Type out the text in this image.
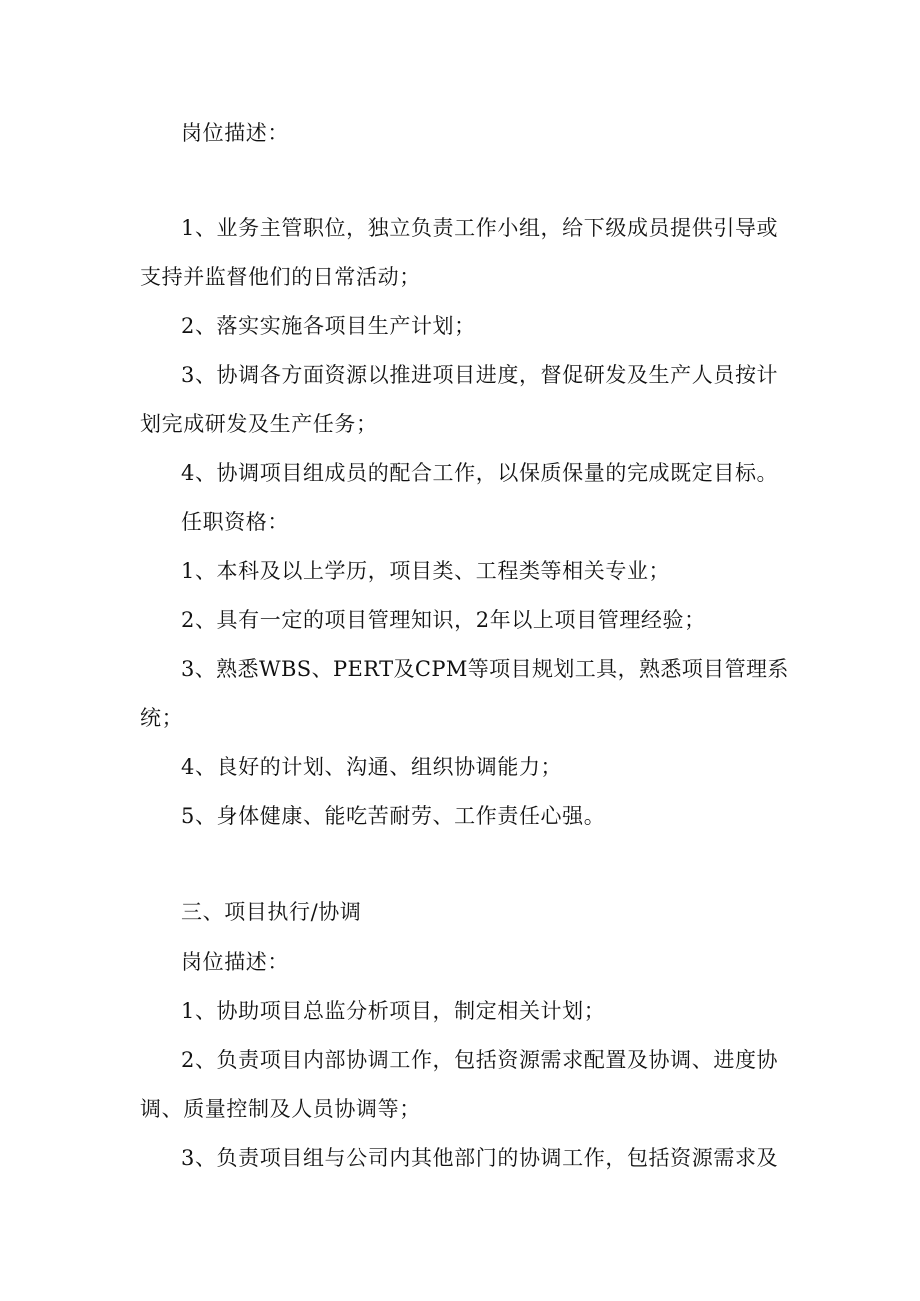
岗位描述：
1、业务主管职位，独立负责工作小组，给下级成员提供引导或
支持并监督他们的日常活动；
2、落实实施各项目生产计划；
3、协调各方面资源以推进项目进度，督促研发及生产人员按计
划完成研发及生产任务；
4、协调项目组成员的配合工作，以保质保量的完成既定目标。
任职资格：
1、本科及以上学历，项目类、工程类等相关专业；
2、具有一定的项目管理知识，2年以上项目管理经验；
3、熟悉WBS、PERT及CPM等项目规划工具，熟悉项目管理系
统；
4、良好的计划、沟通、组织协调能力；
5、身体健康、能吃苦耐劳、工作责任心强。
三、项目执行/协调
岗位描述：
1、协助项目总监分析项目，制定相关计划；
2、负责项目内部协调工作，包括资源需求配置及协调、进度协
调、质量控制及人员协调等；
3、负责项目组与公司内其他部门的协调工作，包括资源需求及
